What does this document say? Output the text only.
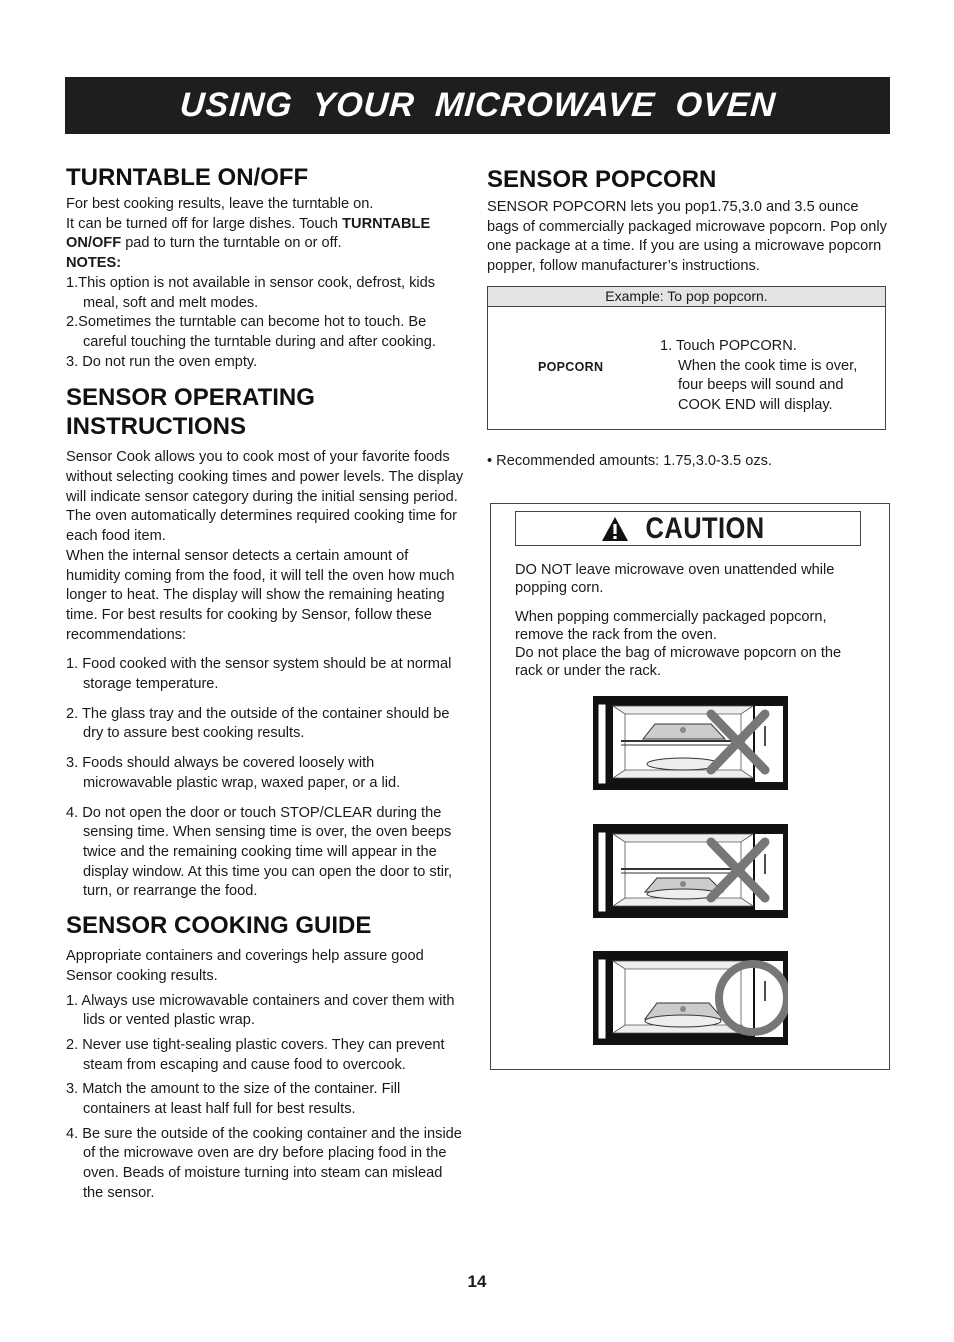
USING YOUR MICROWAVE OVEN
TURNTABLE ON/OFF

For best cooking results, leave the turntable on.

It can be turned off for large dishes. Touch TURNTABLE ON/OFF pad to turn the turntable on or off.

NOTES:

1.This option is not available in sensor cook, defrost, kids meal, soft and melt modes.
2.Sometimes the turntable can become hot to touch. Be careful touching the turntable during and after cooking.
3. Do not run the oven empty.
SENSOR OPERATING INSTRUCTIONS

Sensor Cook allows you to cook most of your favorite foods without selecting cooking times and power levels. The display will indicate sensor category during the initial sensing period. The oven automatically determines required cooking time for each food item.

When the internal sensor detects a certain amount of humidity coming from the food, it will tell the oven how much longer to heat. The display will show the remaining heating time. For best results for cooking by Sensor, follow these recommendations:

1. Food cooked with the sensor system should be at normal storage temperature.
2. The glass tray and the outside of the container should be dry to assure best cooking results.
3. Foods should always be covered loosely with microwavable plastic wrap, waxed paper, or a lid.
4. Do not open the door or touch STOP/CLEAR during the sensing time. When sensing time is over, the oven beeps twice and the remaining cooking time will appear in the display window. At this time you can open the door to stir, turn, or rearrange the food.
SENSOR COOKING GUIDE

Appropriate containers and coverings help assure good Sensor cooking results.

1. Always use microwavable containers and cover them with lids or vented plastic wrap.
2. Never use tight-sealing plastic covers. They can prevent steam from escaping and cause food to overcook.
3. Match the amount to the size of the container. Fill containers at least half full for best results.
4. Be sure the outside of the cooking container and the inside of the microwave oven are dry before placing food in the oven. Beads of moisture turning into steam can mislead the sensor.
SENSOR POPCORN

SENSOR POPCORN lets you pop1.75,3.0 and 3.5 ounce bags of commercially packaged microwave popcorn. Pop only one package at a time. If you are using a microwave popcorn popper, follow manufacturer’s instructions.

Example: To pop popcorn.
POPCORN
1. Touch POPCORN.
When the cook time is over, four beeps will sound and COOK END will display.

• Recommended amounts: 1.75,3.0-3.5 ozs.

CAUTION

DO NOT leave microwave oven unattended while popping corn.

When popping commercially packaged popcorn, remove the rack from the oven.

Do not place the bag of microwave popcorn on the rack or under the rack.

14
